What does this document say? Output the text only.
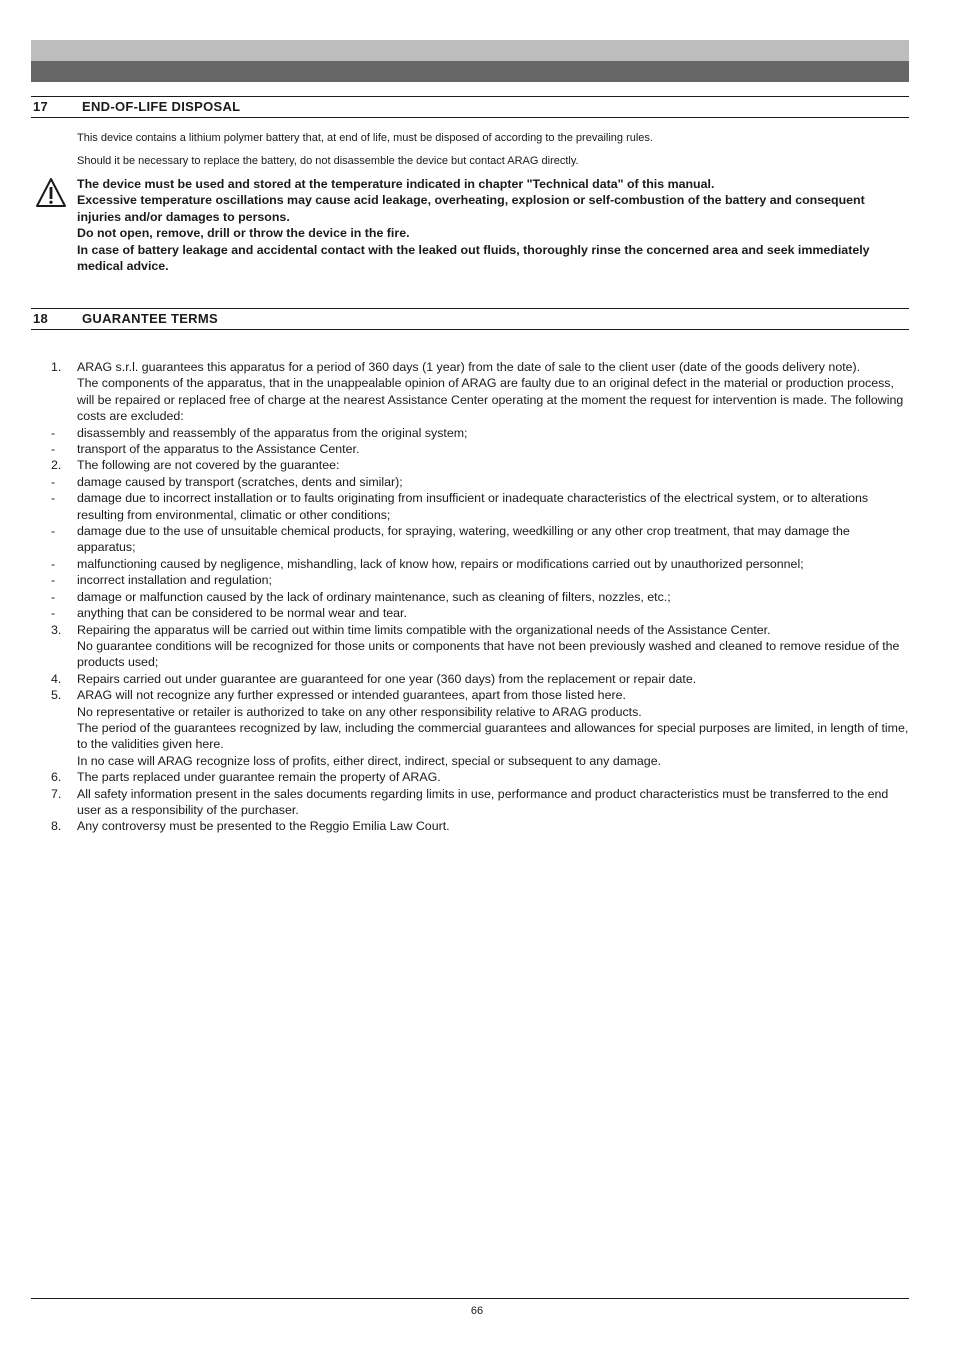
17	END-OF-LIFE DISPOSAL
This device contains a lithium polymer battery that, at end of life, must be disposed of according to the prevailing rules.
Should it be necessary to replace the battery, do not disassemble the device but contact ARAG directly.
The device must be used and stored at the temperature indicated in chapter "Technical data" of this manual.
Excessive temperature oscillations may cause acid leakage, overheating, explosion or self-combustion of the battery and consequent injuries and/or damages to persons.
Do not open, remove, drill or throw the device in the fire.
In case of battery leakage and accidental contact with the leaked out fluids, thoroughly rinse the concerned area and seek immediately medical advice.
18	GUARANTEE TERMS
1.	ARAG s.r.l. guarantees this apparatus for a period of 360 days (1 year) from the date of sale to the client user (date of the goods delivery note).
The components of the apparatus, that in the unappealable opinion of ARAG are faulty due to an original defect in the material or production process, will be repaired or replaced free of charge at the nearest Assistance Center operating at the moment the request for intervention is made. The following costs are excluded:
-	disassembly and reassembly of the apparatus from the original system;
-	transport of the apparatus to the Assistance Center.
2.	The following are not covered by the guarantee:
-	damage caused by transport (scratches, dents and similar);
-	damage due to incorrect installation or to faults originating from insufficient or inadequate characteristics of the electrical system, or to alterations resulting from environmental, climatic or other conditions;
-	damage due to the use of unsuitable chemical products, for spraying, watering, weedkilling or any other crop treatment, that may damage the apparatus;
-	malfunctioning caused by negligence, mishandling, lack of know how, repairs or modifications carried out by unauthorized personnel;
-	incorrect installation and regulation;
-	damage or malfunction caused by the lack of ordinary maintenance, such as cleaning of filters, nozzles, etc.;
-	anything that can be considered to be normal wear and tear.
3.	Repairing the apparatus will be carried out within time limits compatible with the organizational needs of the Assistance Center.
No guarantee conditions will be recognized for those units or components that have not been previously washed and cleaned to remove residue of the products used;
4.	Repairs carried out under guarantee are guaranteed for one year (360 days) from the replacement or repair date.
5.	ARAG will not recognize any further expressed or intended guarantees, apart from those listed here.
No representative or retailer is authorized to take on any other responsibility relative to ARAG products.
The period of the guarantees recognized by law, including the commercial guarantees and allowances for special purposes are limited, in length of time, to the validities given here.
In no case will ARAG recognize loss of profits, either direct, indirect, special or subsequent to any damage.
6.	The parts replaced under guarantee remain the property of ARAG.
7.	All safety information present in the sales documents regarding limits in use, performance and product characteristics must be transferred to the end user as a responsibility of the purchaser.
8.	Any controversy must be presented to the Reggio Emilia Law Court.
66
